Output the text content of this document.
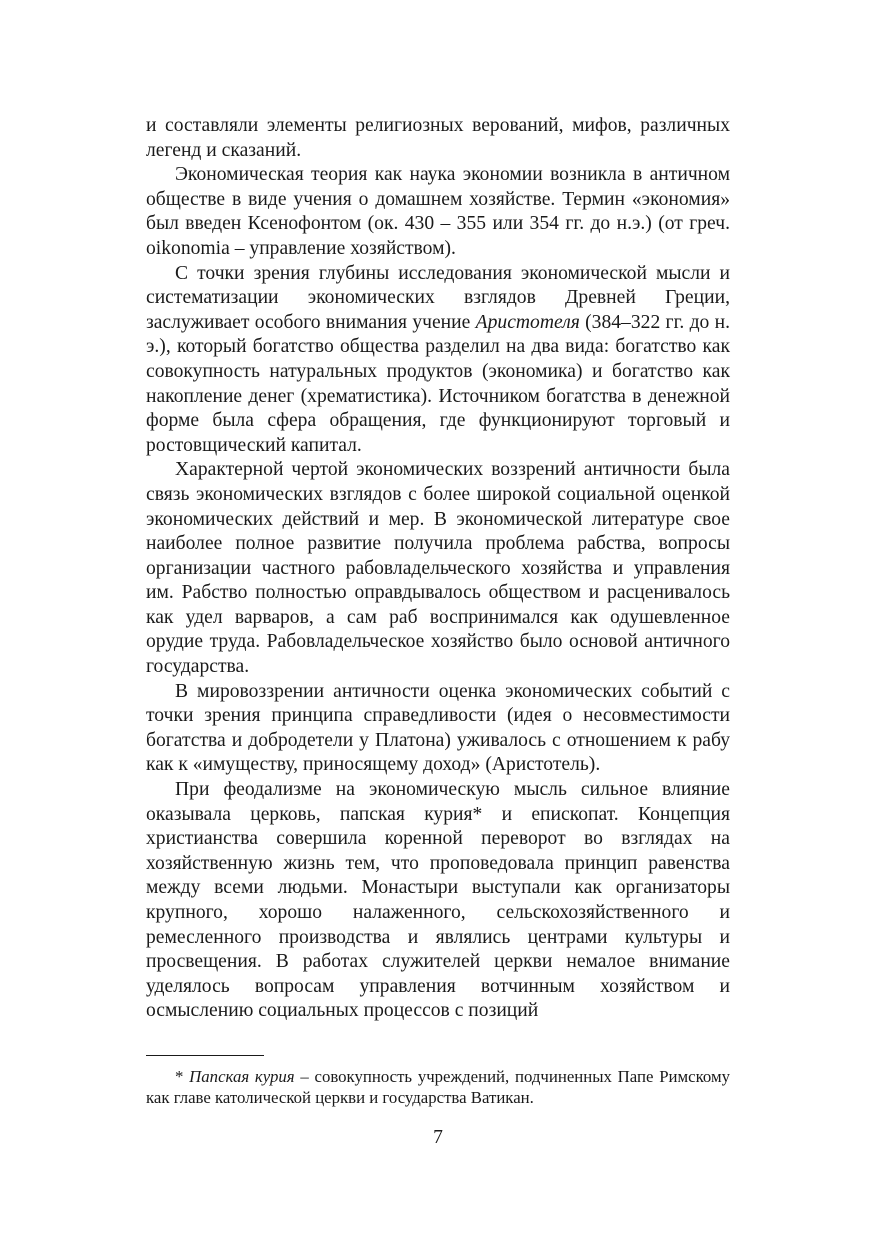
и составляли элементы религиозных верований, мифов, различных легенд и сказаний.

Экономическая теория как наука экономии возникла в античном обществе в виде учения о домашнем хозяйстве. Термин «экономия» был введен Ксенофонтом (ок. 430 – 355 или 354 гг. до н.э.) (от греч. oikonomia – управление хозяйством).

С точки зрения глубины исследования экономической мысли и систематизации экономических взглядов Древней Греции, заслуживает особого внимания учение Аристотеля (384–322 гг. до н. э.), который богатство общества разделил на два вида: богатство как совокупность натуральных продуктов (экономика) и богатство как накопление денег (хрематистика). Источником богатства в денежной форме была сфера обращения, где функционируют торговый и ростовщический капитал.

Характерной чертой экономических воззрений античности была связь экономических взглядов с более широкой социальной оценкой экономических действий и мер. В экономической литературе свое наиболее полное развитие получила проблема рабства, вопросы организации частного рабовладельческого хозяйства и управления им. Рабство полностью оправдывалось обществом и расценивалось как удел варваров, а сам раб воспринимался как одушевленное орудие труда. Рабовладельческое хозяйство было основой античного государства.

В мировоззрении античности оценка экономических событий с точки зрения принципа справедливости (идея о несовместимости богатства и добродетели у Платона) уживалось с отношением к рабу как к «имуществу, приносящему доход» (Аристотель).

При феодализме на экономическую мысль сильное влияние оказывала церковь, папская курия* и епископат. Концепция христианства совершила коренной переворот во взглядах на хозяйственную жизнь тем, что проповедовала принцип равенства между всеми людьми. Монастыри выступали как организаторы крупного, хорошо налаженного, сельскохозяйственного и ремесленного производства и являлись центрами культуры и просвещения. В работах служителей церкви немалое внимание уделялось вопросам управления вотчинным хозяйством и осмыслению социальных процессов с позиций

* Папская курия – совокупность учреждений, подчиненных Папе Римскому как главе католической церкви и государства Ватикан.

7
